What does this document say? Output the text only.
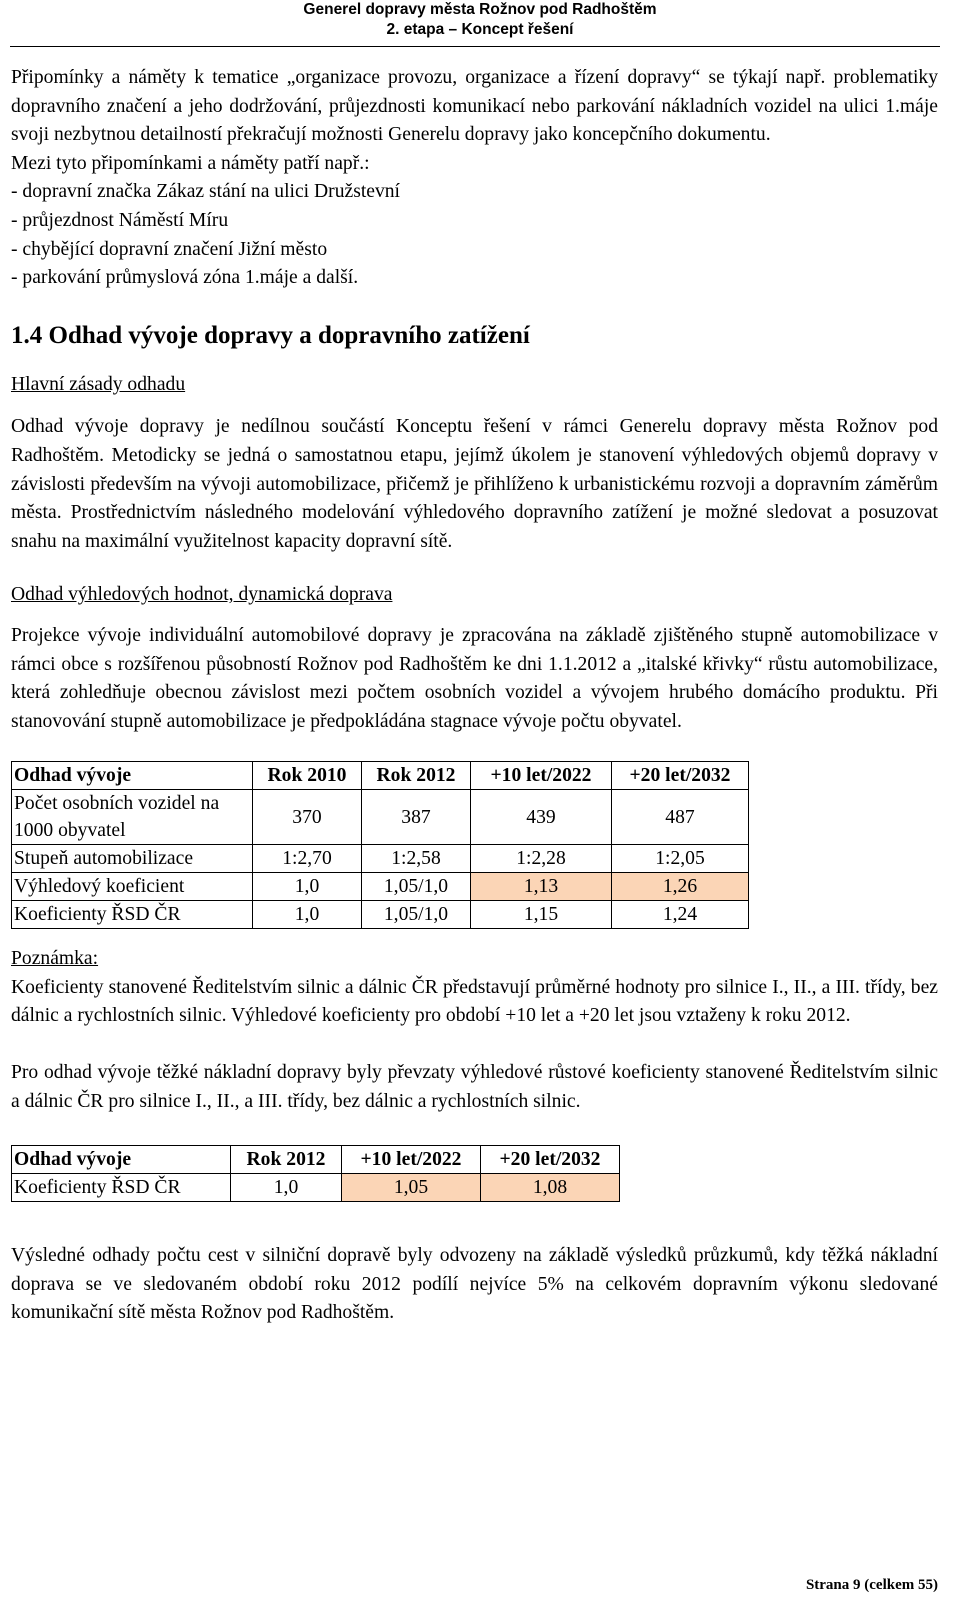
Generel dopravy města Rožnov pod Radhoštěm
2. etapa – Koncept řešení

Připomínky a náměty k tematice „organizace provozu, organizace a řízení dopravy“ se týkají např. problematiky dopravního značení a jeho dodržování, průjezdnosti komunikací nebo parkování nákladních vozidel na ulici 1.máje svoji nezbytnou detailností překračují možnosti Generelu dopravy jako koncepčního dokumentu.

Mezi tyto připomínkami a náměty patří např.:

- dopravní značka Zákaz stání na ulici Družstevní

- průjezdnost Náměstí Míru

- chybějící dopravní značení Jižní město

- parkování průmyslová zóna 1.máje a další.

1.4 Odhad vývoje dopravy a dopravního zatížení

Hlavní zásady odhadu

Odhad vývoje dopravy je nedílnou součástí Konceptu řešení v rámci Generelu dopravy města Rožnov pod Radhoštěm. Metodicky se jedná o samostatnou etapu, jejímž úkolem je stanovení výhledových objemů dopravy v závislosti především na vývoji automobilizace, přičemž je přihlíženo k urbanistickému rozvoji a dopravním záměrům města. Prostřednictvím následného modelování výhledového dopravního zatížení je možné sledovat a posuzovat snahu na maximální využitelnost kapacity dopravní sítě.

Odhad výhledových hodnot, dynamická doprava

Projekce vývoje individuální automobilové dopravy je zpracována na základě zjištěného stupně automobilizace v rámci obce s rozšířenou působností Rožnov pod Radhoštěm ke dni 1.1.2012 a „italské křivky“ růstu automobilizace, která zohledňuje obecnou závislost mezi počtem osobních vozidel a vývojem hrubého domácího produktu. Při stanovování stupně automobilizace je předpokládána stagnace vývoje počtu obyvatel.

Odhad vývoje	Rok 2010	Rok 2012	+10 let/2022	+20 let/2032
Počet osobních vozidel na 1000 obyvatel	370	387	439	487
Stupeň automobilizace	1:2,70	1:2,58	1:2,28	1:2,05
Výhledový koeficient	1,0	1,05/1,0	1,13	1,26
Koeficienty ŘSD ČR	1,0	1,05/1,0	1,15	1,24

Poznámka:

Koeficienty stanovené Ředitelstvím silnic a dálnic ČR představují průměrné hodnoty pro silnice I., II., a III. třídy, bez dálnic a rychlostních silnic. Výhledové koeficienty pro období +10 let a +20 let jsou vztaženy k roku 2012.

Pro odhad vývoje těžké nákladní dopravy byly převzaty výhledové růstové koeficienty stanovené Ředitelstvím silnic a dálnic ČR pro silnice I., II., a III. třídy, bez dálnic a rychlostních silnic.

Odhad vývoje	Rok 2012	+10 let/2022	+20 let/2032
Koeficienty ŘSD ČR	1,0	1,05	1,08

Výsledné odhady počtu cest v silniční dopravě byly odvozeny na základě výsledků průzkumů, kdy těžká nákladní doprava se ve sledovaném období roku 2012 podílí nejvíce 5% na celkovém dopravním výkonu sledované komunikační sítě města Rožnov pod Radhoštěm.

Strana 9 (celkem 55)
